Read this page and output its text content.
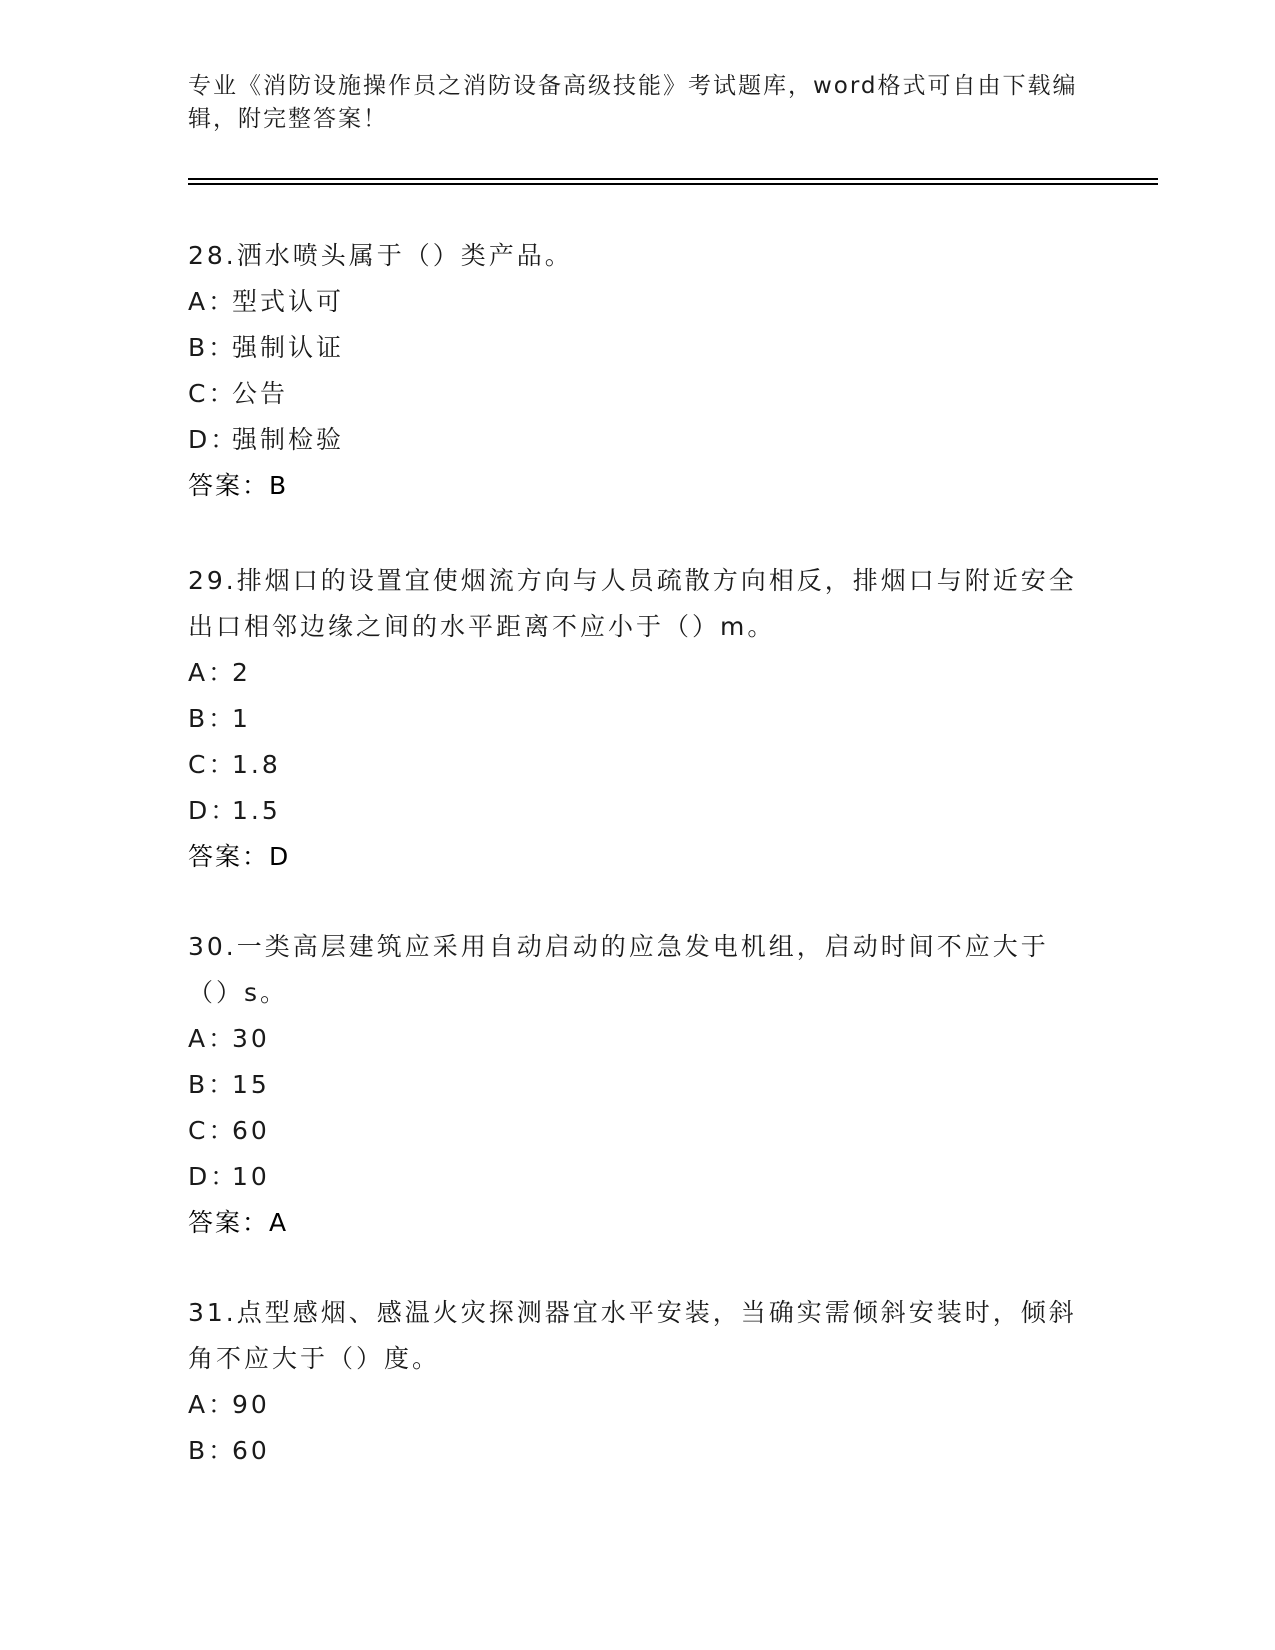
专业《消防设施操作员之消防设备高级技能》考试题库，word格式可自由下载编辑，附完整答案！

28.洒水喷头属于（）类产品。

A：型式认可

B：强制认证

C：公告

D：强制检验

答案：B

29.排烟口的设置宜使烟流方向与人员疏散方向相反，排烟口与附近安全出口相邻边缘之间的水平距离不应小于（）m。

A：2

B：1

C：1.8

D：1.5

答案：D

30.一类高层建筑应采用自动启动的应急发电机组，启动时间不应大于（）s。

A：30

B：15

C：60

D：10

答案：A

31.点型感烟、感温火灾探测器宜水平安装，当确实需倾斜安装时，倾斜角不应大于（）度。

A：90

B：60
